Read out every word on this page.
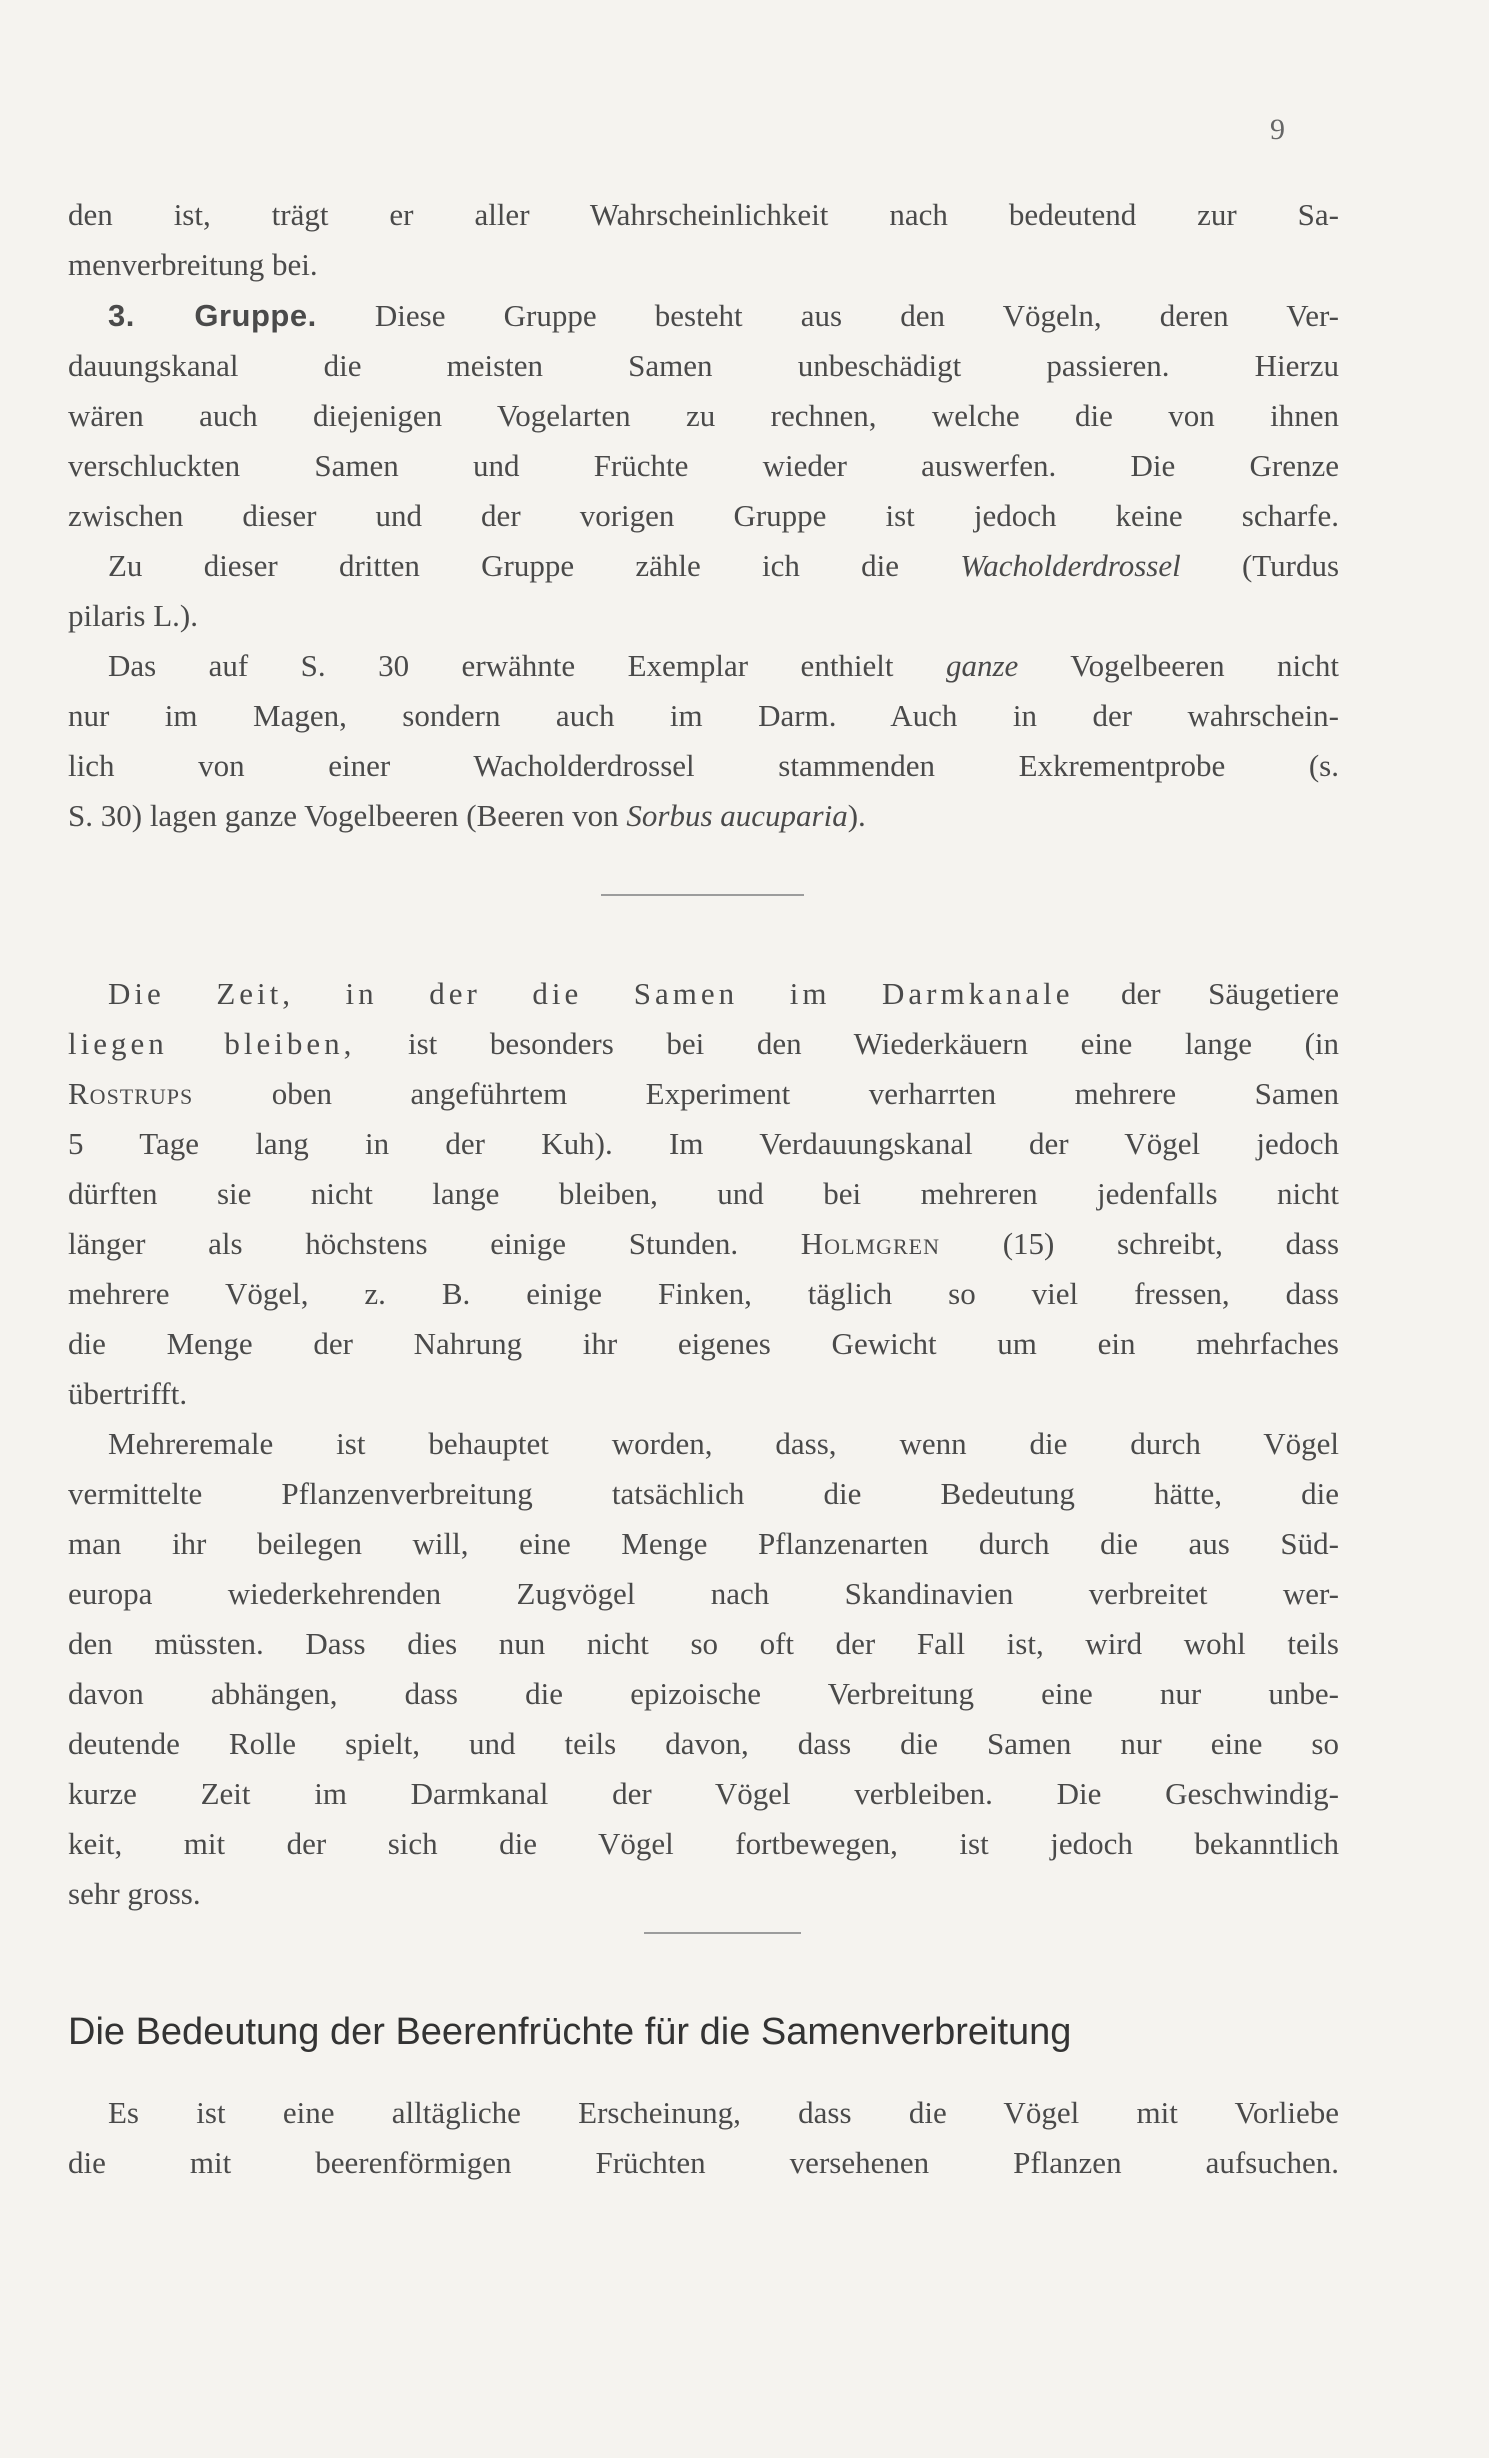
9
den ist, trägt er aller Wahrscheinlichkeit nach bedeutend zur Sa-
menverbreitung bei.
3. Gruppe. Diese Gruppe besteht aus den Vögeln, deren Ver-
dauungskanal die meisten Samen unbeschädigt passieren. Hierzu
wären auch diejenigen Vogelarten zu rechnen, welche die von ihnen
verschluckten Samen und Früchte wieder auswerfen. Die Grenze
zwischen dieser und der vorigen Gruppe ist jedoch keine scharfe.
Zu dieser dritten Gruppe zähle ich die Wacholderdrossel (Turdus
pilaris L.).
Das auf S. 30 erwähnte Exemplar enthielt ganze Vogelbeeren nicht
nur im Magen, sondern auch im Darm. Auch in der wahrschein-
lich von einer Wacholderdrossel stammenden Exkrementprobe (s.
S. 30) lagen ganze Vogelbeeren (Beeren von Sorbus aucuparia).
Die Zeit, in der die Samen im Darmkanale der Säugetiere
liegen bleiben, ist besonders bei den Wiederkäuern eine lange (in
Rostrups	oben angeführtem Experiment verharrten mehrere Samen
5 Tage lang in der Kuh). Im Verdauungskanal der Vögel jedoch
dürften sie nicht lange bleiben, und bei mehreren jedenfalls nicht
länger als höchstens einige Stunden. Holmgren (15) schreibt, dass
mehrere Vögel, z. B. einige Finken, täglich so viel fressen, dass
die Menge der Nahrung ihr eigenes Gewicht um ein mehrfaches
übertrifft.
Mehreremale ist behauptet worden, dass, wenn die durch Vögel
vermittelte Pflanzenverbreitung tatsächlich die Bedeutung hätte, die
man ihr beilegen will, eine Menge Pflanzenarten durch die aus Süd-
europa wiederkehrenden Zugvögel nach Skandinavien verbreitet wer-
den müssten. Dass dies nun nicht so oft der Fall ist, wird wohl teils
davon abhängen, dass die epizoische Verbreitung eine nur unbe-
deutende Rolle spielt, und teils davon, dass die Samen nur eine so
kurze Zeit im Darmkanal der Vögel verbleiben. Die Geschwindig-
keit, mit der sich die Vögel fortbewegen, ist jedoch bekanntlich
sehr gross.
Die Bedeutung der Beerenfrüchte für die Samenverbreitung
Es ist eine alltägliche Erscheinung, dass die Vögel mit Vorliebe
die mit beerenförmigen Früchten versehenen Pflanzen aufsuchen.
